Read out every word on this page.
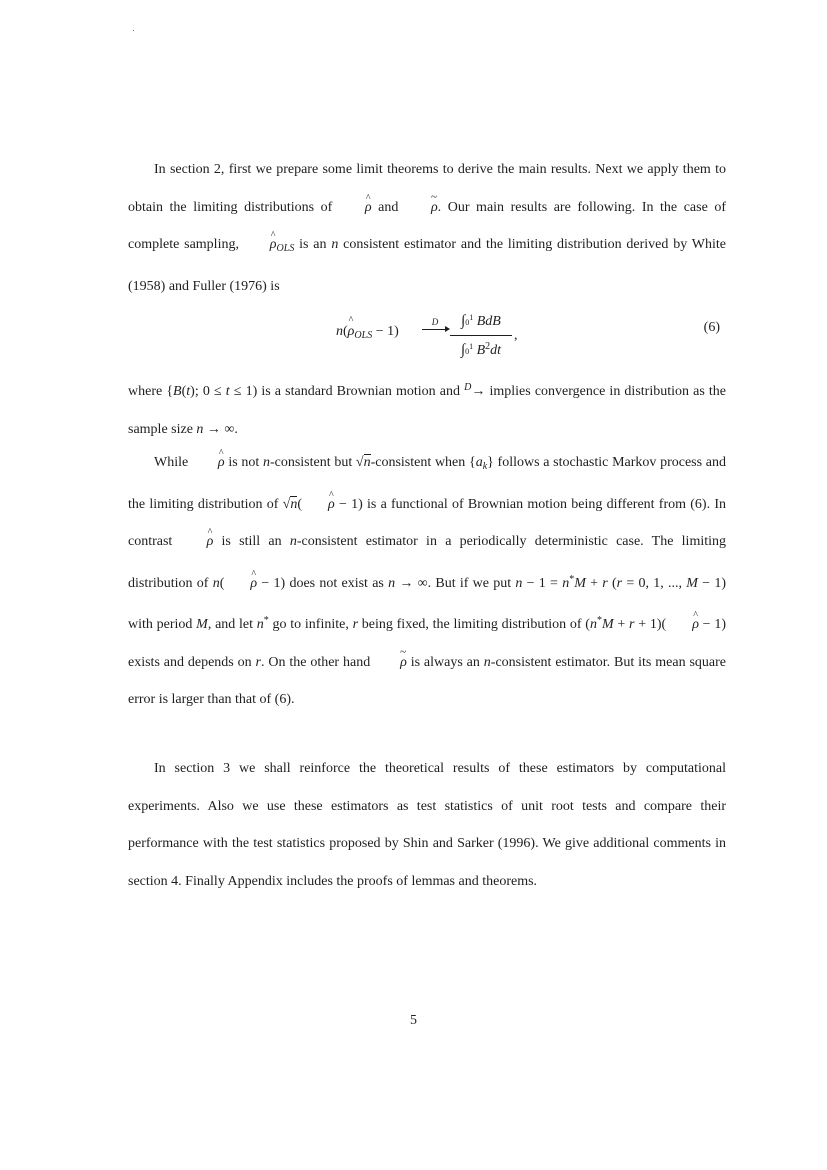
In section 2, first we prepare some limit theorems to derive the main results. Next we apply them to obtain the limiting distributions of ^ ρ and ~ ρ. Our main results are following. In the case of complete sampling, ^ $\rho_{OLS}$ is an n consistent estimator and the limiting distribution derived by White (1958) and Fuller (1976) is

n(^ $\rho_{OLS} - 1$)
D	$\int 0^1$ BdB
$\int 0^1$ $B^2dt$
,
(6)

where {B(t); 0 ≤ t ≤ 1) is a standard Brownian motion and $^D$→ implies convergence in distribution as the sample size n → ∞.

While ^ ρ is not n-consistent but √n-consistent when $\{a_k\}$ follows a stochastic Markov process and the limiting distribution of √n( ^ ρ − 1) is a functional of Brownian motion being different from (6). In contrast ^ ρ is still an n-consistent estimator in a periodically deterministic case. The limiting distribution of n( ^ ρ − 1) does not exist as n → ∞. But if we put n − 1 = n*M + r (r = 0, 1, ..., M − 1) with period M, and let n* go to infinite, r being fixed, the limiting distribution of (n*M + r + 1)( ^ ρ − 1) exists and depends on r. On the other hand ~ ρ is always an n-consistent estimator. But its mean square error is larger than that of (6).

In section 3 we shall reinforce the theoretical results of these estimators by computational experiments. Also we use these estimators as test statistics of unit root tests and compare their performance with the test statistics proposed by Shin and Sarker (1996). We give additional comments in section 4. Finally Appendix includes the proofs of lemmas and theorems.

5
